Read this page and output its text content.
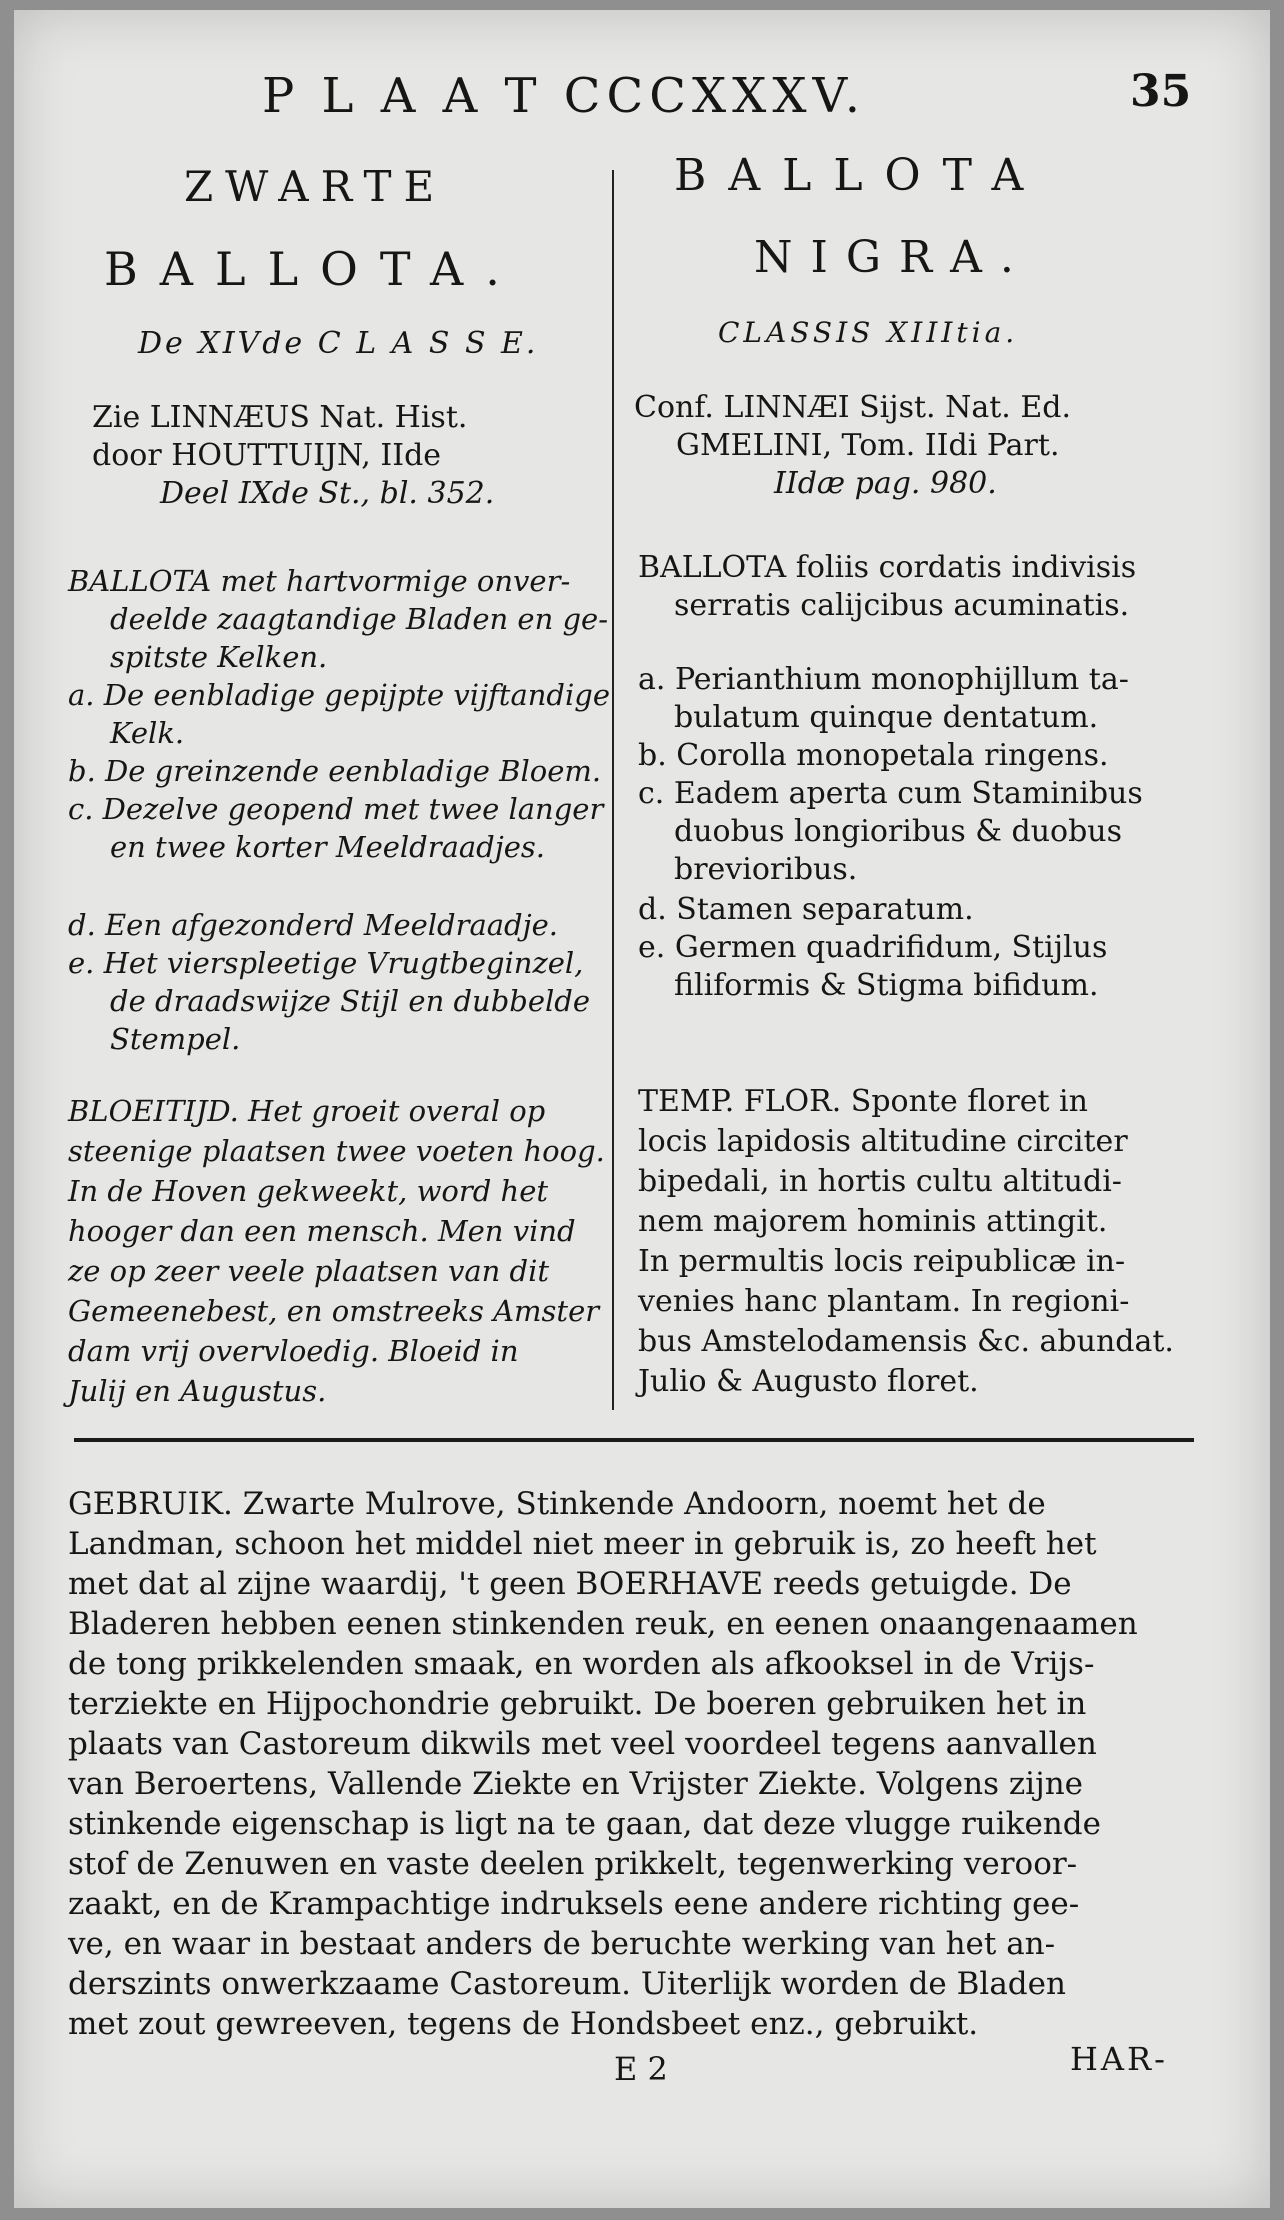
P L A A T CCCXXXV.	35
ZWARTE
BALLOTA.
De XIVde C L A S S E.
Zie LINNÆUS Nat. Hist.
door HOUTTUIJN, IIde
Deel IXde St., bl. 352.
BALLOTA met hartvormige onver-
deelde zaagtandige Bladen en ge-
spitste Kelken.
a. De eenbladige gepijpte vijftandige
Kelk.
b. De greinzende eenbladige Bloem.
c. Dezelve geopend met twee langer
en twee korter Meeldraadjes.
d. Een afgezonderd Meeldraadje.
e. Het vierspleetige Vrugtbeginzel,
de draadswijze Stijl en dubbelde
Stempel.
BLOEITIJD. Het groeit overal op
steenige plaatsen twee voeten hoog.
In de Hoven gekweekt, word het
hooger dan een mensch. Men vind
ze op zeer veele plaatsen van dit
Gemeenebest, en omstreeks Amster
dam vrij overvloedig. Bloeid in
Julij en Augustus.
BALLOTA
NIGRA.
CLASSIS XIIItia.
Conf. LINNÆI Sijst. Nat. Ed.
GMELINI, Tom. IIdi Part.
IIdæ pag. 980.
BALLOTA foliis cordatis indivisis
serratis calijcibus acuminatis.
a. Perianthium monophijllum ta-
bulatum quinque dentatum.
b. Corolla monopetala ringens.
c. Eadem aperta cum Staminibus
duobus longioribus & duobus
brevioribus.
d. Stamen separatum.
e. Germen quadrifidum, Stijlus
filiformis & Stigma bifidum.
TEMP. FLOR. Sponte floret in
locis lapidosis altitudine circiter
bipedali, in hortis cultu altitudi-
nem majorem hominis attingit.
In permultis locis reipublicæ in-
venies hanc plantam. In regioni-
bus Amstelodamensis &c. abundat.
Julio & Augusto floret.
GEBRUIK. Zwarte Mulrove, Stinkende Andoorn, noemt het de
Landman, schoon het middel niet meer in gebruik is, zo heeft het
met dat al zijne waardij, 't geen BOERHAVE reeds getuigde. De
Bladeren hebben eenen stinkenden reuk, en eenen onaangenaamen
de tong prikkelenden smaak, en worden als afkooksel in de Vrijs-
terziekte en Hijpochondrie gebruikt. De boeren gebruiken het in
plaats van Castoreum dikwils met veel voordeel tegens aanvallen
van Beroertens, Vallende Ziekte en Vrijster Ziekte. Volgens zijne
stinkende eigenschap is ligt na te gaan, dat deze vlugge ruikende
stof de Zenuwen en vaste deelen prikkelt, tegenwerking veroor-
zaakt, en de Krampachtige indruksels eene andere richting gee-
ve, en waar in bestaat anders de beruchte werking van het an-
derszints onwerkzaame Castoreum. Uiterlijk worden de Bladen
met zout gewreeven, tegens de Hondsbeet enz., gebruikt.
E 2	HAR-
